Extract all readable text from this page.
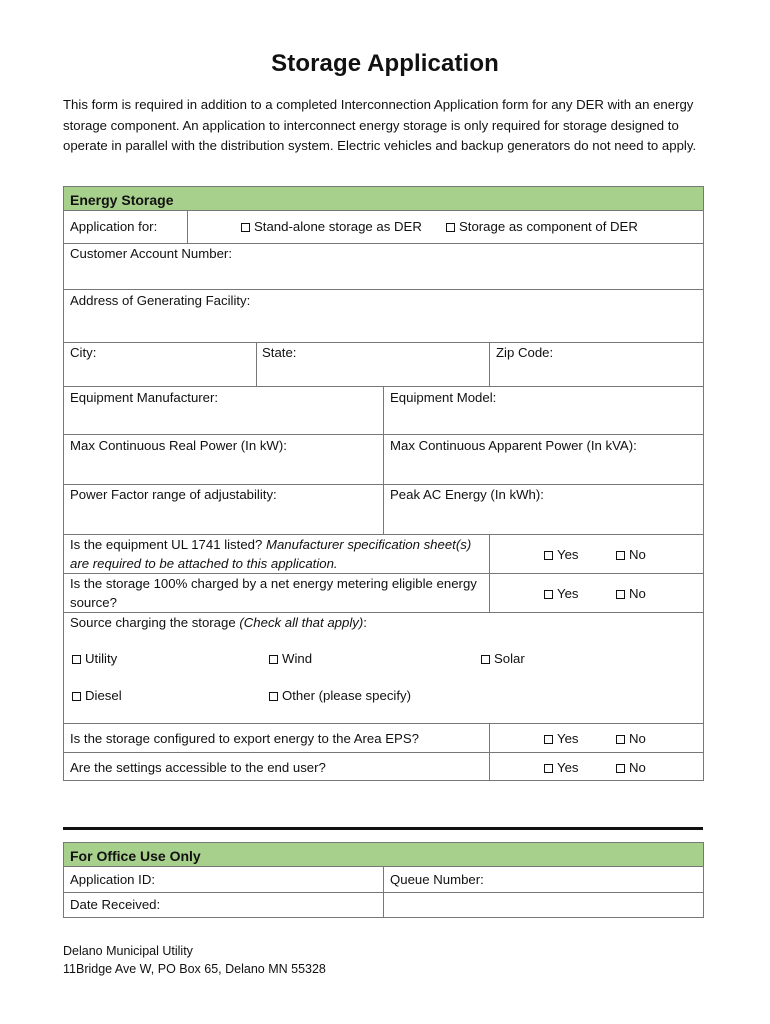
Storage Application
This form is required in addition to a completed Interconnection Application form for any DER with an energy storage component. An application to interconnect energy storage is only required for storage designed to operate in parallel with the distribution system. Electric vehicles and backup generators do not need to apply.
Energy Storage
Application for:	Stand-alone storage as DER	Storage as component of DER
Customer Account Number:
Address of Generating Facility:
City:	State:	Zip Code:
Equipment Manufacturer:	Equipment Model:
Max Continuous Real Power (In kW):	Max Continuous Apparent Power (In kVA):
Power Factor range of adjustability:	Peak AC Energy (In kWh):
Is the equipment UL 1741 listed? Manufacturer specification sheet(s) are required to be attached to this application.
Yes	No
Is the storage 100% charged by a net energy metering eligible energy source?
Yes	No
Source charging the storage (Check all that apply):
Utility	Wind	Solar
Diesel	Other (please specify)
Is the storage configured to export energy to the Area EPS?	Yes	No
Are the settings accessible to the end user?	Yes	No
For Office Use Only
Application ID:	Queue Number:
Date Received:
Delano Municipal Utility
11Bridge Ave W, PO Box 65, Delano MN 55328
